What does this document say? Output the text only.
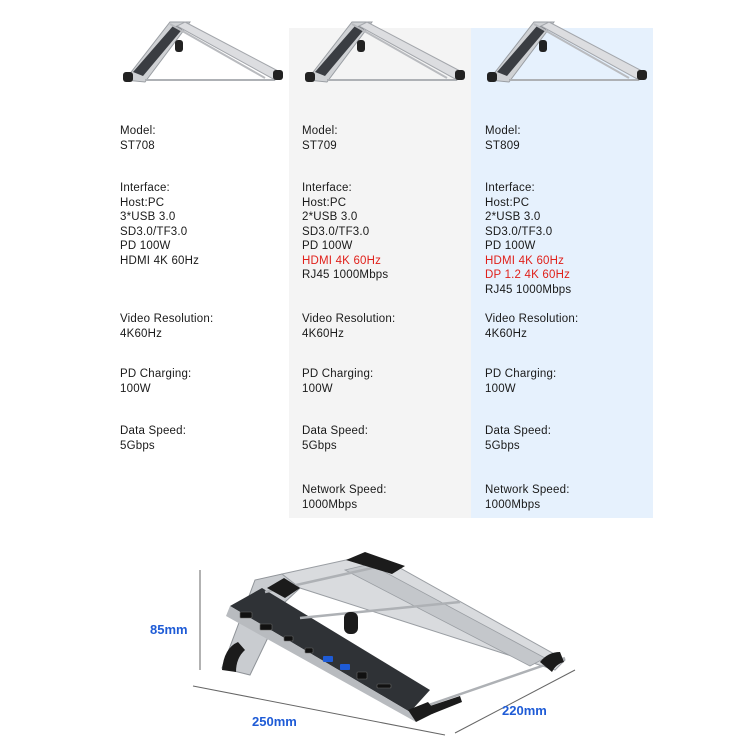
Model:
ST708
Interface:
Host:PC
3*USB 3.0
SD3.0/TF3.0
PD 100W
HDMI 4K 60Hz
Video Resolution:
4K60Hz
PD Charging:
100W
Data Speed:
5Gbps
Model:
ST709
Interface:
Host:PC
2*USB 3.0
SD3.0/TF3.0
PD 100W
HDMI 4K 60Hz
RJ45 1000Mbps
Video Resolution:
4K60Hz
PD Charging:
100W
Data Speed:
5Gbps
Network Speed:
1000Mbps
Model:
ST809
Interface:
Host:PC
2*USB 3.0
SD3.0/TF3.0
PD 100W
HDMI 4K 60Hz
DP 1.2 4K 60Hz
RJ45 1000Mbps
Video Resolution:
4K60Hz
PD Charging:
100W
Data Speed:
5Gbps
Network Speed:
1000Mbps
85mm
250mm
220mm
